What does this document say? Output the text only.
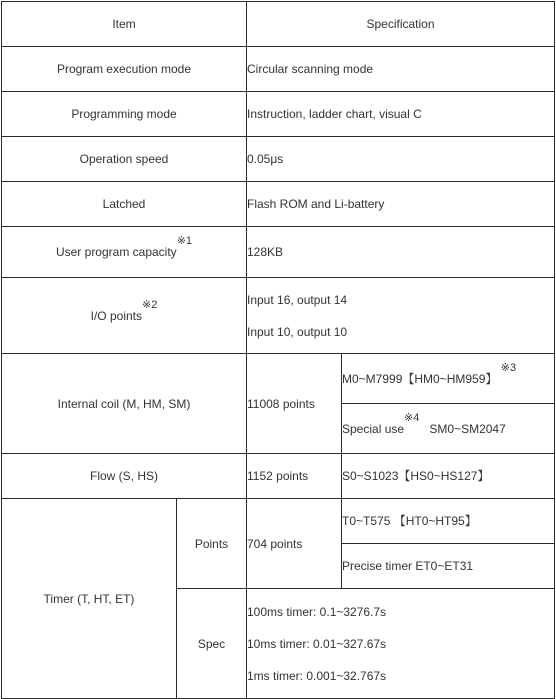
Item		Specification	
Program execution mode		Circular scanning mode	
Programming mode		Instruction, ladder chart, visual C	
Operation speed		0.05μs	
Latched		Flash ROM and Li-battery	
User program capacity$^{※1}$		128KB	
I/O points$^{※2}$		Input 16, output 14
Input 10, output 10	

Internal coil (M, HM, SM)		11008 points	M0~M7999【HM0~HM959】 $^{※3}$
			Special use$^{※4}$   SM0~SM2047
Flow (S, HS)		1152 points	S0~S1023【HS0~HS127】
Timer (T, HT, ET)	Points	704 points	T0~T575 【HT0~HT95】
			Precise timer ET0~ET31
	Spec	100ms timer: 0.1~3276.7s
10ms timer: 0.01~327.67s
1ms timer: 0.001~32.767s	
